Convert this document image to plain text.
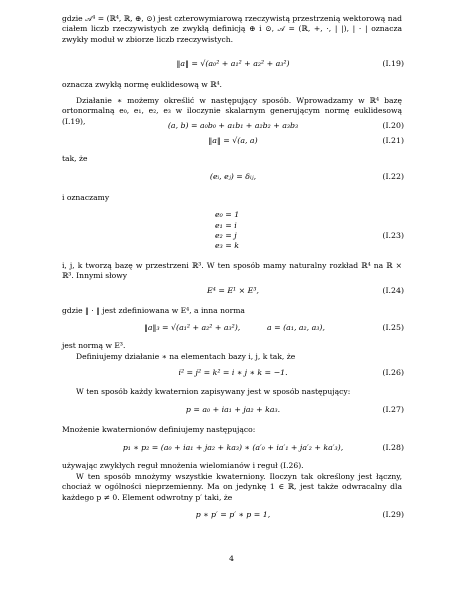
gdzie 𝒜⁴ = (ℝ⁴, ℝ, ⊕, ⊙) jest czterowymiarową rzeczywistą przestrzenią wektorową nad ciałem liczb rzeczywistych ze zwykłą definicją ⊕ i ⊙, 𝒜 = (ℝ, +, ·, | |), | · | oznacza zwykły moduł w zbiorze liczb rzeczywistych.
‖a‖ = √(a₀² + a₁² + a₂² + a₃²)	(I.19)
oznacza zwykłą normę euklidesową w ℝ⁴.
Działanie ∗ możemy określić w następujący sposób. Wprowadzamy w ℝ⁴ bazę ortonormalną e₀, e₁, e₂, e₃ w iloczynie skalarnym generującym normę euklidesową (I.19),	(a, b) = a₀b₀ + a₁b₁ + a₂b₂ + a₃b₃	(I.20)
‖a‖ = √(a, a)	(I.21)
tak, że
(eᵢ, eⱼ) = δᵢⱼ,	(I.22)
i oznaczamy
e₀ = 1
e₁ = i
e₂ = j	(I.23)
e₃ = k
i, j, k tworzą bazę w przestrzeni ℝ³. W ten sposób mamy naturalny rozkład ℝ⁴ na ℝ × ℝ³. Innymi słowy
E⁴ = E¹ × E³,	(I.24)
gdzie ‖ · ‖ jest zdefiniowana w E⁴, a inna norma
‖a‖₃ = √(a₁² + a₂² + a₃²),	a = (a₁, a₂, a₃),	(I.25)
jest normą w E³.
Definiujemy działanie ∗ na elementach bazy i, j, k tak, że
i² = j² = k² = i ∗ j ∗ k = −1.	(I.26)
W ten sposób każdy kwaternion zapisywany jest w sposób następujący:
p = a₀ + ia₁ + ja₂ + ka₃.	(I.27)
Mnożenie kwaternionów definiujemy następująco:
p₁ ∗ p₂ = (a₀ + ia₁ + ja₂ + ka₃) ∗ (a′₀ + ia′₁ + ja′₂ + ka′₃),	(I.28)
używając zwykłych reguł mnożenia wielomianów i reguł (I.26).
W ten sposób mnożymy wszystkie kwaterniony. Iloczyn tak określony jest łączny, chociaż w ogólności nieprzemienny. Ma on jedynkę 1 ∈ ℝ, jest także odwracalny dla każdego p ≠ 0. Element odwrotny p′ taki, że
p ∗ p′ = p′ ∗ p = 1,	(I.29)
4
